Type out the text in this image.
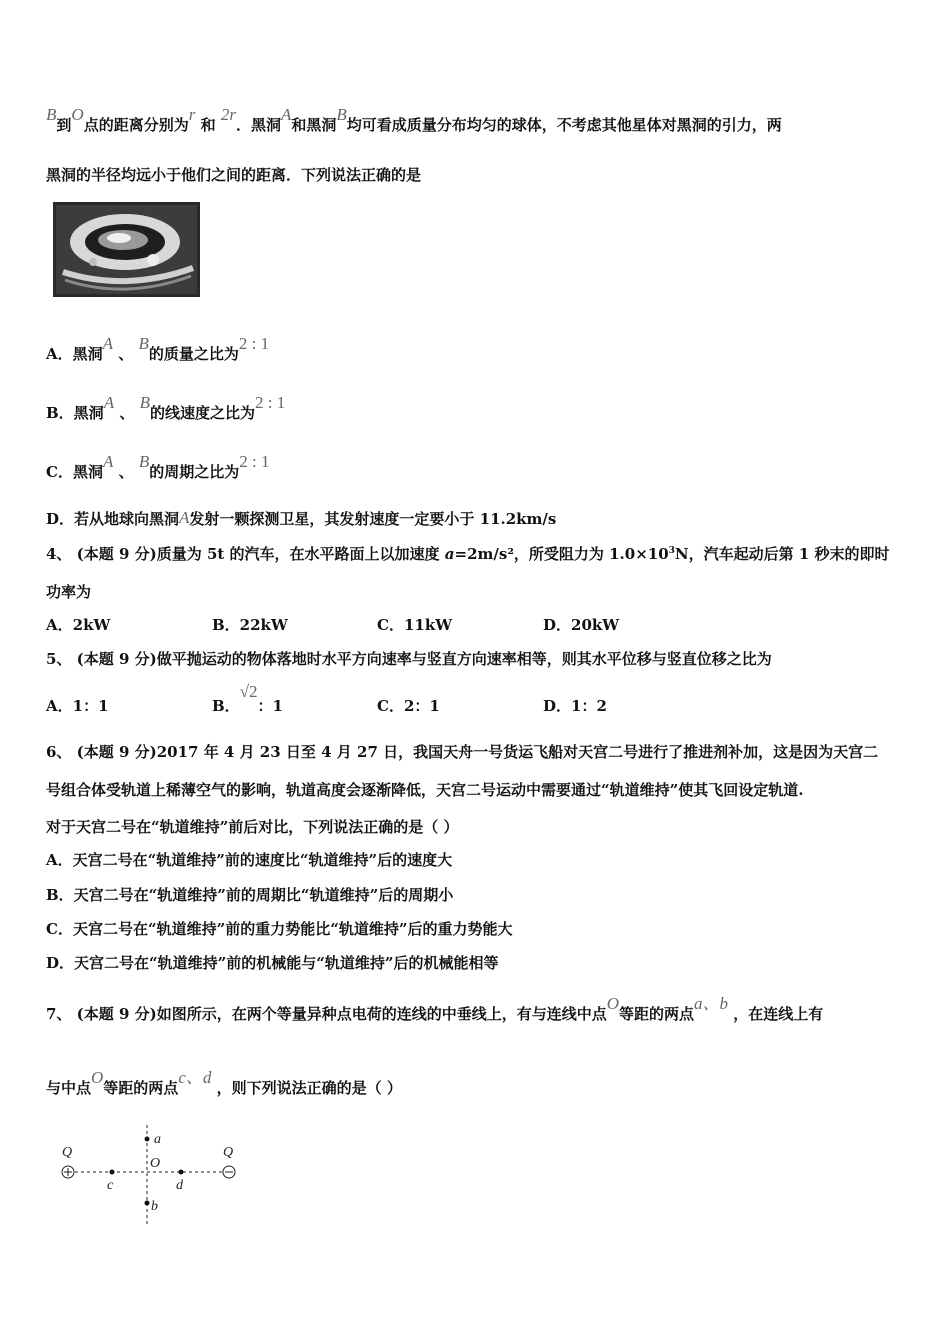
B到O点的距离分别为r 和 2r．黑洞A和黑洞B均可看成质量分布均匀的球体，不考虑其他星体对黑洞的引力，两
黑洞的半径均远小于他们之间的距离．下列说法正确的是
A．黑洞A 、 B的质量之比为2 : 1
B．黑洞A 、 B的线速度之比为2 : 1
C．黑洞A 、 B的周期之比为2 : 1
D．若从地球向黑洞A发射一颗探测卫星，其发射速度一定要小于 11.2km/s
4、 (本题 9 分)质量为 5t 的汽车，在水平路面上以加速度 a=2m/s²，所受阻力为 $1.0\times 10^3N$，汽车起动后第 1 秒末的即时
功率为
A．2kW	B．22kW	C．11kW	D．20kW
5、 (本题 9 分)做平抛运动的物体落地时水平方向速率与竖直方向速率相等，则其水平位移与竖直位移之比为
A．1：1	B．√2：1	C．2：1	D．1：2
6、 (本题 9 分)2017 年 4 月 23 日至 4 月 27 日，我国天舟一号货运飞船对天宫二号进行了推进剂补加，这是因为天宫二
号组合体受轨道上稀薄空气的影响，轨道高度会逐渐降低，天宫二号运动中需要通过“轨道维持”使其飞回设定轨道.
对于天宫二号在“轨道维持”前后对比，下列说法正确的是（ ）
A．天宫二号在“轨道维持”前的速度比“轨道维持”后的速度大
B．天宫二号在“轨道维持”前的周期比“轨道维持”后的周期小
C．天宫二号在“轨道维持”前的重力势能比“轨道维持”后的重力势能大
D．天宫二号在“轨道维持”前的机械能与“轨道维持”后的机械能相等
7、 (本题 9 分)如图所示，在两个等量异种点电荷的连线的中垂线上，有与连线中点O等距的两点a、b ，在连线上有
与中点O等距的两点c、d ，则下列说法正确的是（ ）
Q	Q
a
b
c	d
O
